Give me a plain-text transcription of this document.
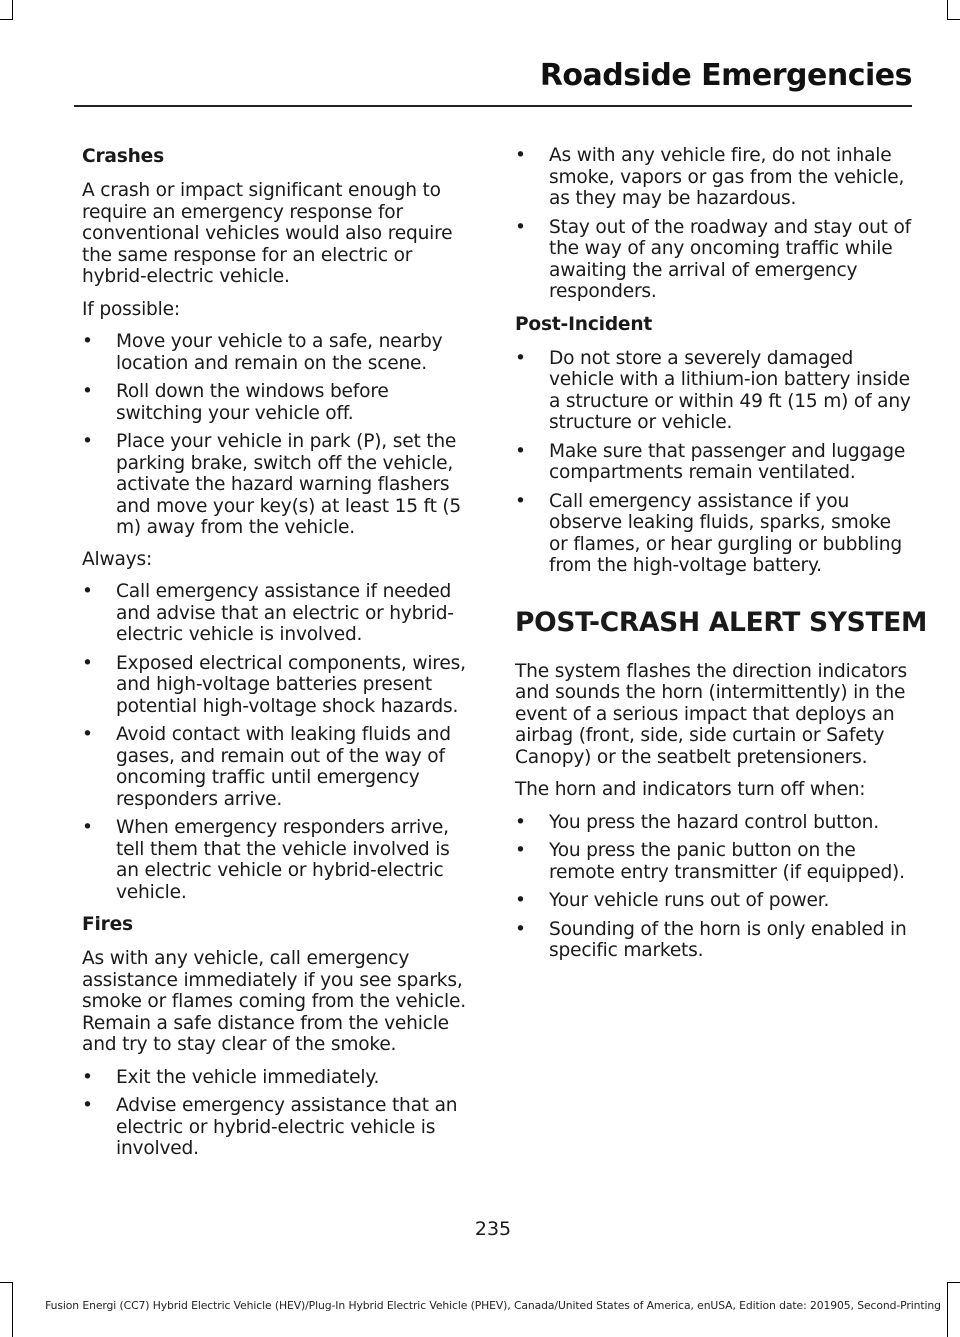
Roadside Emergencies
Crashes

A crash or impact significant enough to require an emergency response for conventional vehicles would also require the same response for an electric or hybrid-electric vehicle.

If possible:

•	Move your vehicle to a safe, nearby location and remain on the scene.
•	Roll down the windows before switching your vehicle off.
•	Place your vehicle in park (P), set the parking brake, switch off the vehicle, activate the hazard warning flashers and move your key(s) at least 15 ft (5 m) away from the vehicle.

Always:

•	Call emergency assistance if needed and advise that an electric or hybrid-electric vehicle is involved.
•	Exposed electrical components, wires, and high-voltage batteries present potential high-voltage shock hazards.
•	Avoid contact with leaking fluids and gases, and remain out of the way of oncoming traffic until emergency responders arrive.
•	When emergency responders arrive, tell them that the vehicle involved is an electric vehicle or hybrid-electric vehicle.
Fires

As with any vehicle, call emergency assistance immediately if you see sparks, smoke or flames coming from the vehicle. Remain a safe distance from the vehicle and try to stay clear of the smoke.

•	Exit the vehicle immediately.
•	Advise emergency assistance that an electric or hybrid-electric vehicle is involved.
•	As with any vehicle fire, do not inhale smoke, vapors or gas from the vehicle, as they may be hazardous.
•	Stay out of the roadway and stay out of the way of any oncoming traffic while awaiting the arrival of emergency responders.
Post-Incident
•	Do not store a severely damaged vehicle with a lithium-ion battery inside a structure or within 49 ft (15 m) of any structure or vehicle.
•	Make sure that passenger and luggage compartments remain ventilated.
•	Call emergency assistance if you observe leaking fluids, sparks, smoke or flames, or hear gurgling or bubbling from the high-voltage battery.
POST-CRASH ALERT SYSTEM

The system flashes the direction indicators and sounds the horn (intermittently) in the event of a serious impact that deploys an airbag (front, side, side curtain or Safety Canopy) or the seatbelt pretensioners.

The horn and indicators turn off when:

•	You press the hazard control button.
•	You press the panic button on the remote entry transmitter (if equipped).
•	Your vehicle runs out of power.
•	Sounding of the horn is only enabled in specific markets.
235
Fusion Energi (CC7) Hybrid Electric Vehicle (HEV)/Plug-In Hybrid Electric Vehicle (PHEV), Canada/United States of America, enUSA, Edition date: 201905, Second-Printing
